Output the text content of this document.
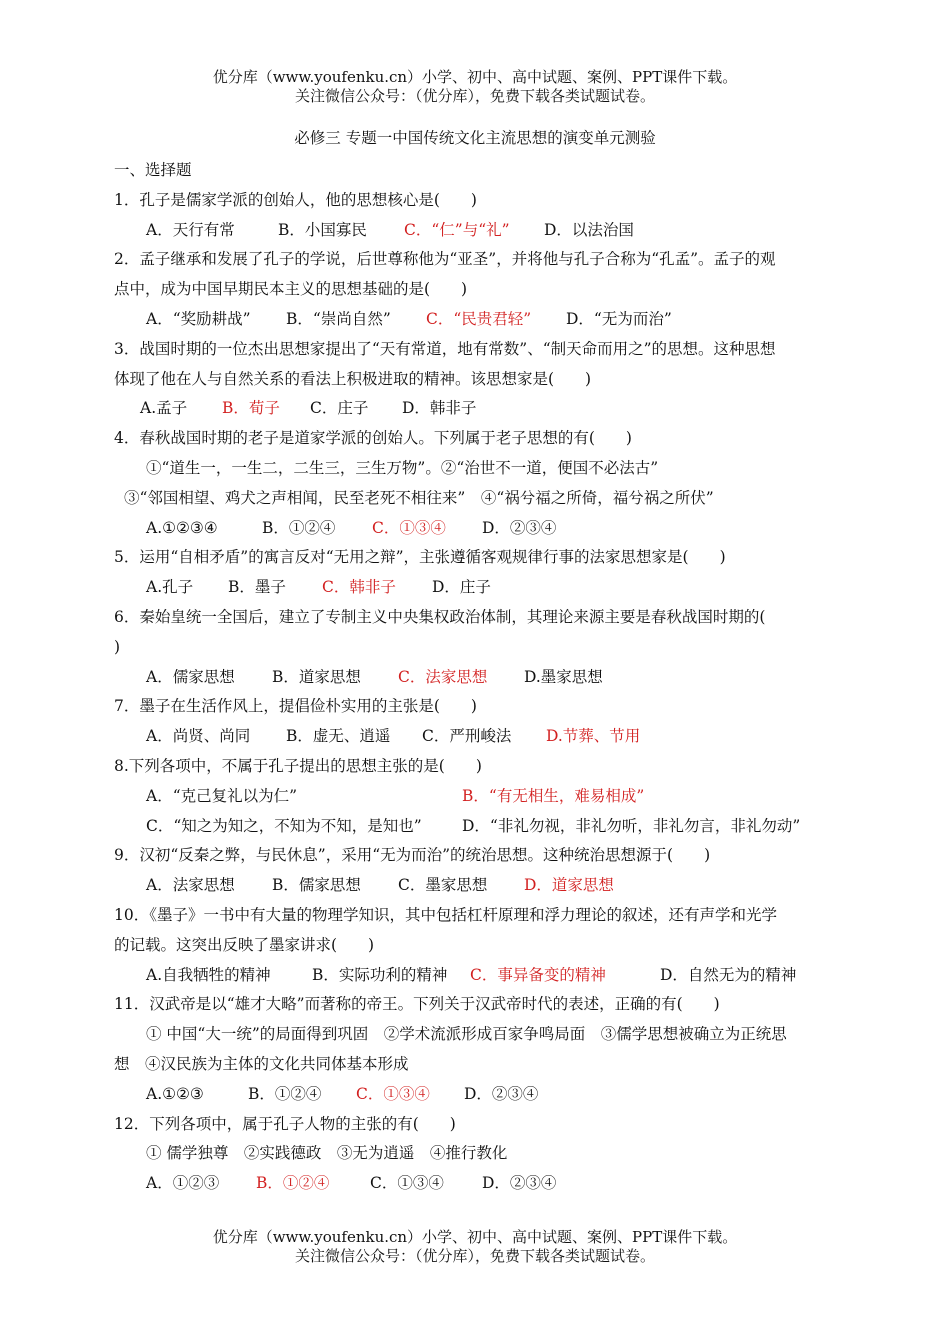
优分库（www.youfenku.cn）小学、初中、高中试题、案例、PPT课件下载。
关注微信公众号：（优分库），免费下载各类试题试卷。
必修三 专题一中国传统文化主流思想的演变单元测验
一、选择题
1．孔子是儒家学派的创始人，他的思想核心是(　　)
A．天行有常	B．小国寡民 C．“仁”与“礼” D．以法治国
2．孟子继承和发展了孔子的学说，后世尊称他为“亚圣”，并将他与孔子合称为“孔孟”。孟子的观
点中，成为中国早期民本主义的思想基础的是(　　)
A．“奖励耕战” B．“崇尚自然” C．“民贵君轻” D．“无为而治”
3．战国时期的一位杰出思想家提出了“天有常道，地有常数”、“制天命而用之”的思想。这种思想
体现了他在人与自然关系的看法上积极进取的精神。该思想家是(　　)
A.孟子 B．荀子 C．庄子 D．韩非子
4．春秋战国时期的老子是道家学派的创始人。下列属于老子思想的有(　　)
①“道生一，一生二，二生三，三生万物”。②“治世不一道，便国不必法古”
③“邻国相望、鸡犬之声相闻，民至老死不相往来”　④“祸兮福之所倚，福兮祸之所伏”
A.①②③④	B．①②④ C．①③④ D．②③④
5．运用“自相矛盾”的寓言反对“无用之辩”，主张遵循客观规律行事的法家思想家是(　　)
A.孔子 B．墨子 C．韩非子 D．庄子
6．秦始皇统一全国后，建立了专制主义中央集权政治体制，其理论来源主要是春秋战国时期的(
)
A．儒家思想 B．道家思想 C．法家思想 D.墨家思想
7．墨子在生活作风上，提倡俭朴实用的主张是(　　)
A．尚贤、尚同 B．虚无、逍遥 C．严刑峻法 D.节葬、节用
8.下列各项中，不属于孔子提出的思想主张的是(　　)
A．“克己复礼以为仁”	B．“有无相生，难易相成”
C．“知之为知之，不知为不知，是知也”	D．“非礼勿视，非礼勿听，非礼勿言，非礼勿动”
9．汉初“反秦之弊，与民休息”，采用“无为而治”的统治思想。这种统治思想源于(　　)
A．法家思想 B．儒家思想 C．墨家思想 D．道家思想
10．《墨子》一书中有大量的物理学知识，其中包括杠杆原理和浮力理论的叙述，还有声学和光学
的记载。这突出反映了墨家讲求(　　)
A.自我牺牲的精神	B．实际功利的精神 C．事异备变的精神	D．自然无为的精神
11．汉武帝是以“雄才大略”而著称的帝王。下列关于汉武帝时代的表述，正确的有(　　)
① 中国“大一统”的局面得到巩固　②学术流派形成百家争鸣局面　③儒学思想被确立为正统思
想　④汉民族为主体的文化共同体基本形成
A.①②③	B．①②④ C．①③④ D．②③④
12．下列各项中，属于孔子人物的主张的有(　　)
① 儒学独尊　②实践德政　③无为逍遥　④推行教化
A．①②③ B．①②④	C．①③④ D．②③④
优分库（www.youfenku.cn）小学、初中、高中试题、案例、PPT课件下载。
关注微信公众号：（优分库），免费下载各类试题试卷。
